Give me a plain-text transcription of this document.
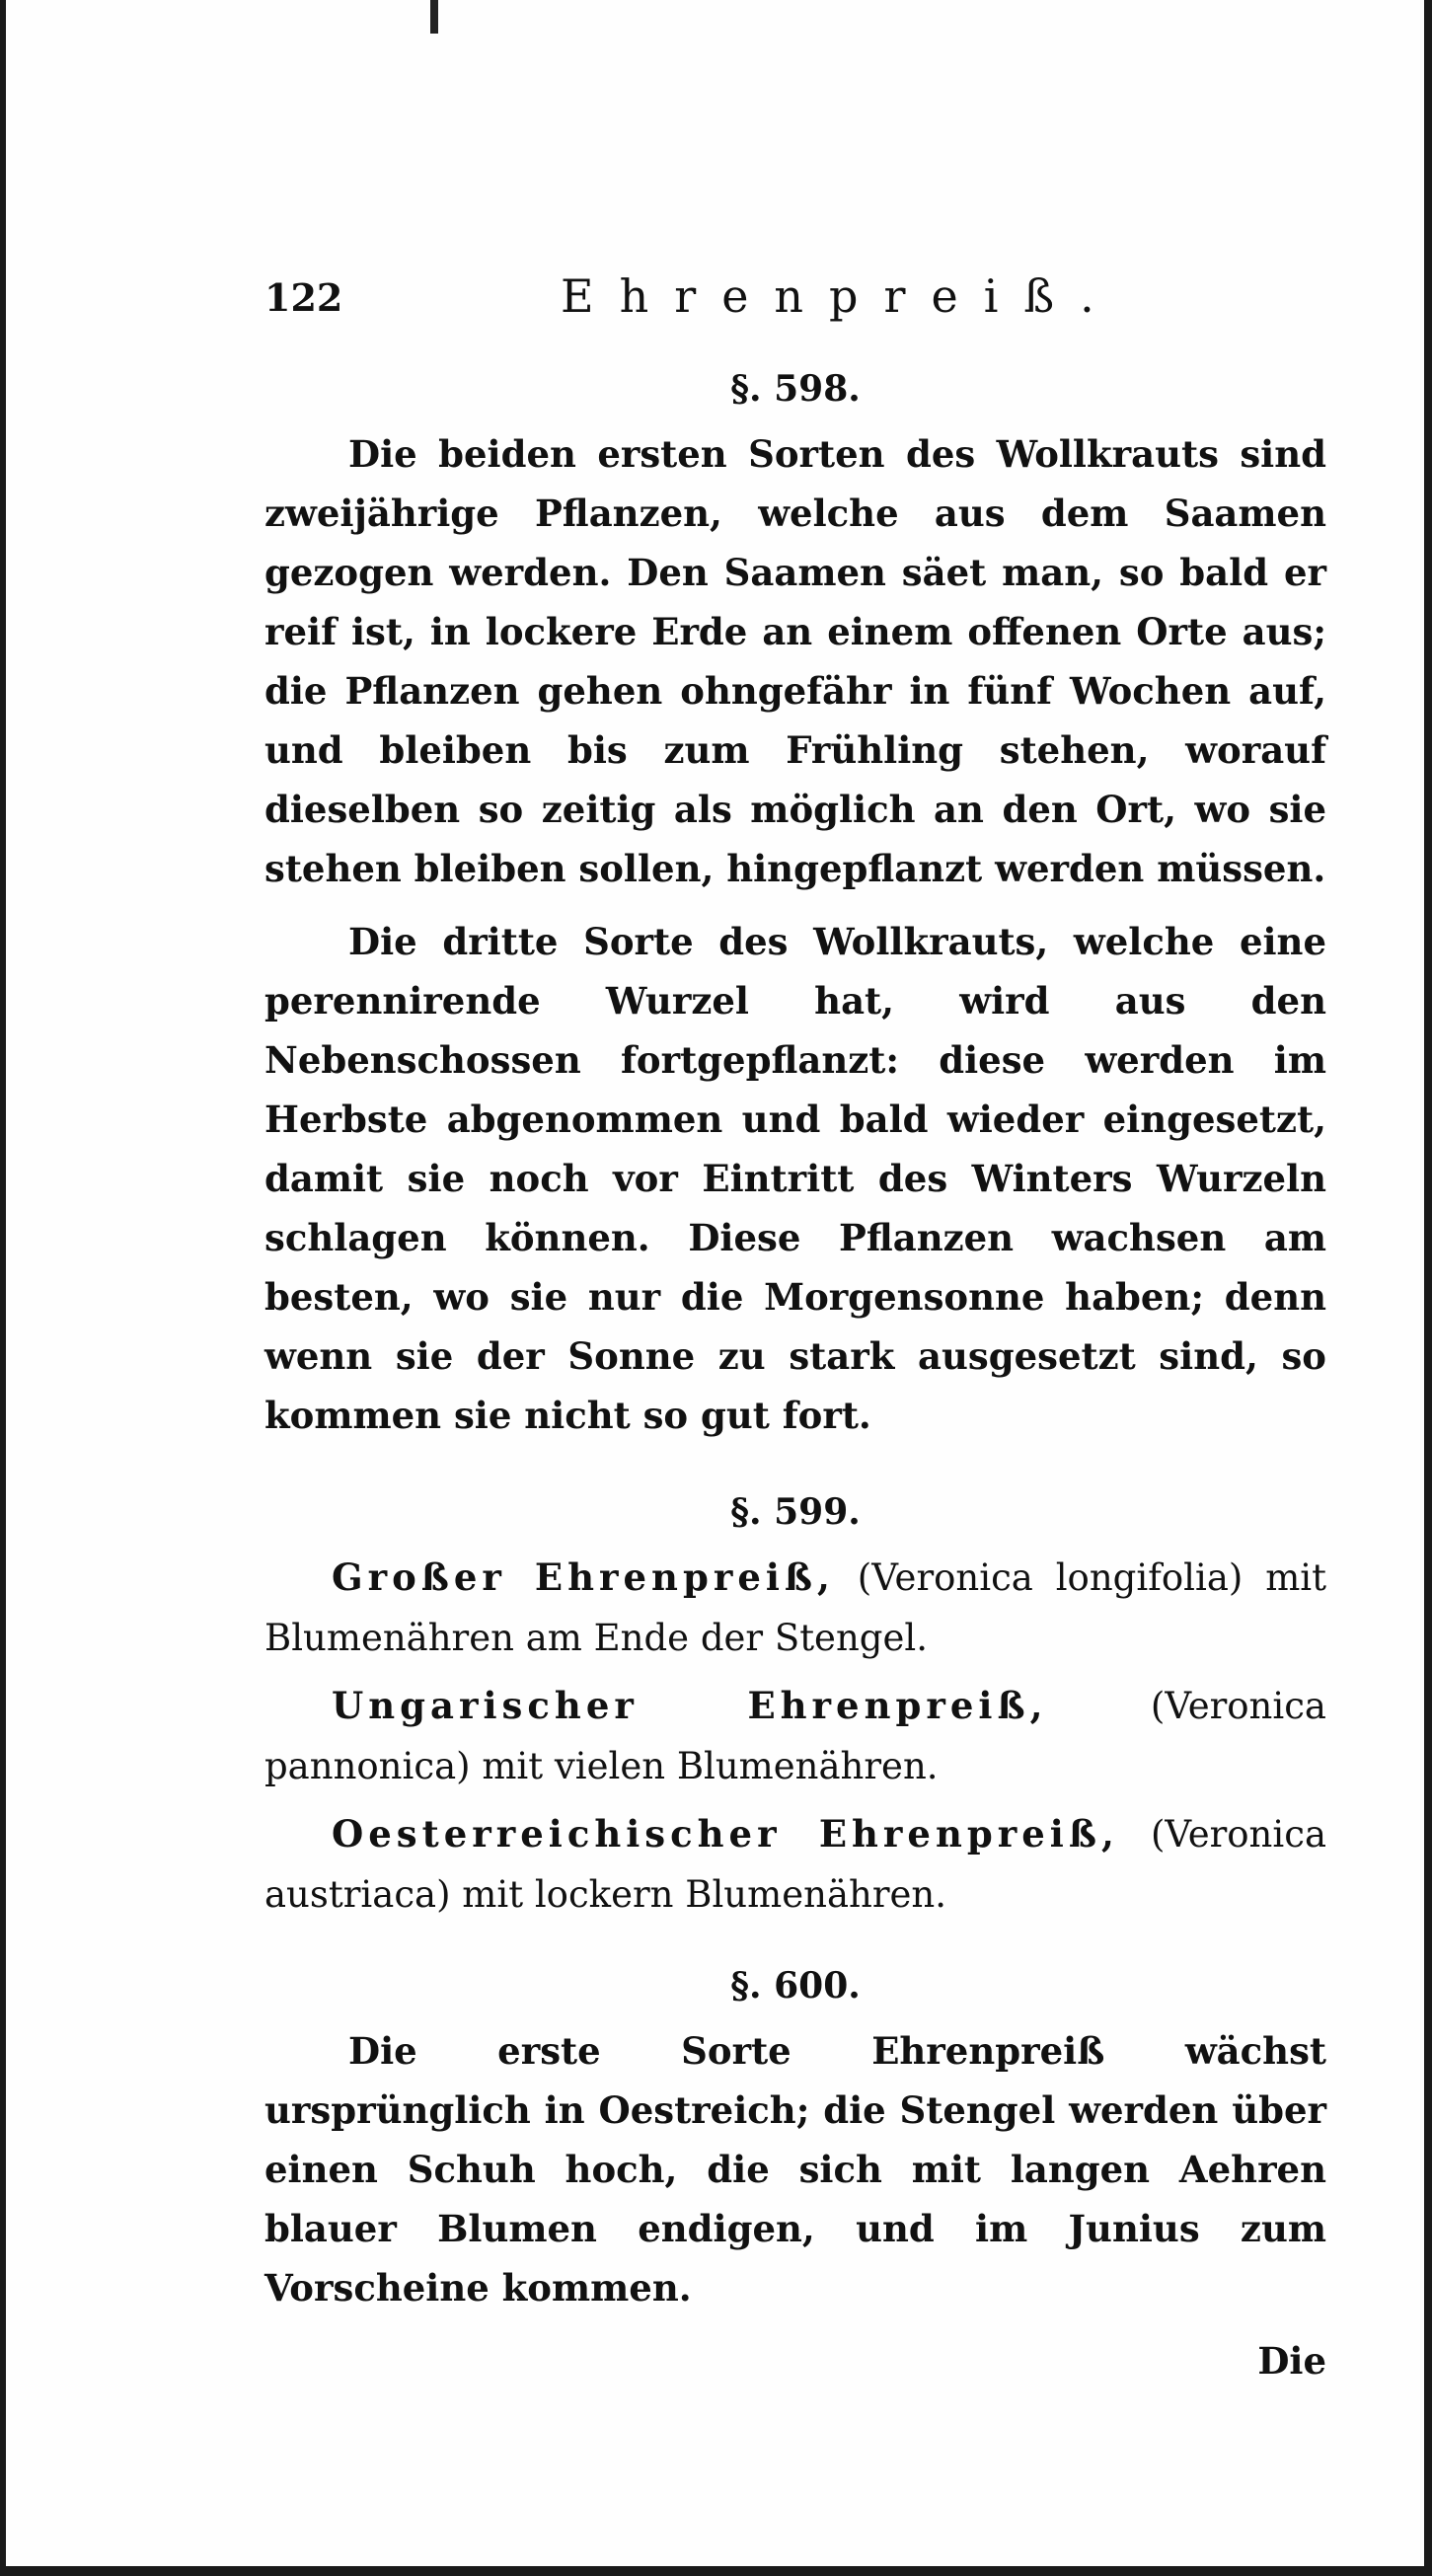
122	Ehrenpreiß.
§. 598.

Die beiden ersten Sorten des Wollkrauts sind zweijährige Pflanzen, welche aus dem Saamen gezogen werden. Den Saamen säet man, so bald er reif ist, in lockere Erde an einem offenen Orte aus; die Pflanzen gehen ohngefähr in fünf Wochen auf, und bleiben bis zum Frühling stehen, worauf dieselben so zeitig als möglich an den Ort, wo sie stehen bleiben sollen, hingepflanzt werden müssen.

Die dritte Sorte des Wollkrauts, welche eine perennirende Wurzel hat, wird aus den Nebenschossen fortgepflanzt: diese werden im Herbste abgenommen und bald wieder eingesetzt, damit sie noch vor Eintritt des Winters Wurzeln schlagen können. Diese Pflanzen wachsen am besten, wo sie nur die Morgensonne haben; denn wenn sie der Sonne zu stark ausgesetzt sind, so kommen sie nicht so gut fort.

§. 599.

Großer Ehrenpreiß, (Veronica longifolia) mit Blumenähren am Ende der Stengel.

Ungarischer Ehrenpreiß, (Veronica pannonica) mit vielen Blumenähren.

Oesterreichischer Ehrenpreiß, (Veronica austriaca) mit lockern Blumenähren.

§. 600.

Die erste Sorte Ehrenpreiß wächst ursprünglich in Oestreich; die Stengel werden über einen Schuh hoch, die sich mit langen Aehren blauer Blumen endigen, und im Junius zum Vorscheine kommen.

Die
